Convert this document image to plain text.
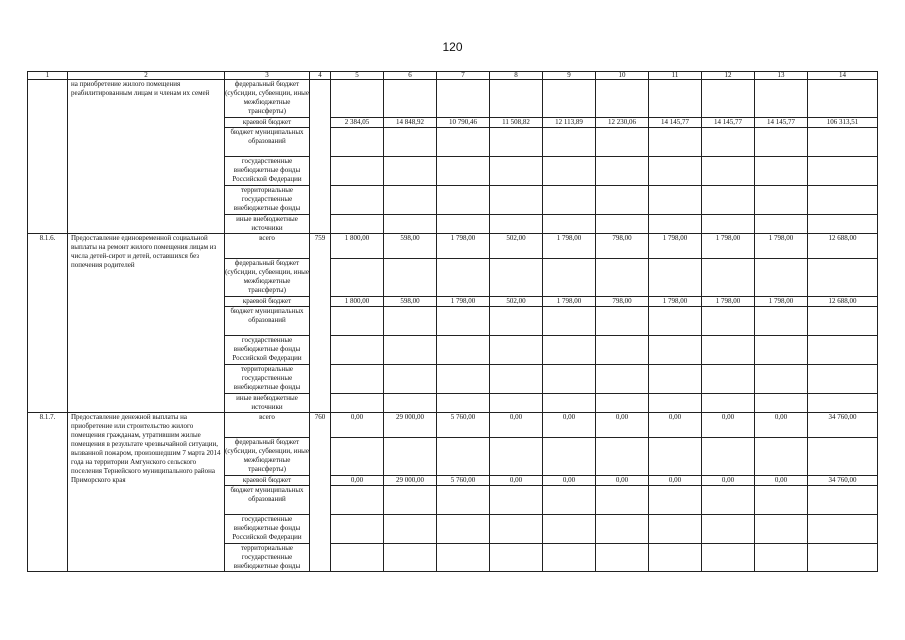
120
1	2	3	4	5	6	7	8	9	10	11	12	13	14
	на приобретение жилого помещения реабилитированным лицам и членам их семей	федеральный бюджет (субсидии, субвенции, иные межбюджетные трансферты)											
		краевой бюджет		2 384,05	14 848,92	10 790,46	11 508,82	12 113,89	12 230,06	14 145,77	14 145,77	14 145,77	106 313,51
		бюджет муниципальных образований											
		государственные внебюджетные фонды Российской Федерации											
		территориальные государственные внебюджетные фонды											
		иные внебюджетные источники											
8.1.6.	Предоставление единовременной социальной выплаты на ремонт жилого помещения лицам из числа детей-сирот и детей, оставшихся без попечения родителей	всего	759	1 800,00	598,00	1 798,00	502,00	1 798,00	798,00	1 798,00	1 798,00	1 798,00	12 688,00
		федеральный бюджет (субсидии, субвенции, иные межбюджетные трансферты)											
		краевой бюджет		1 800,00	598,00	1 798,00	502,00	1 798,00	798,00	1 798,00	1 798,00	1 798,00	12 688,00
		бюджет муниципальных образований											
		государственные внебюджетные фонды Российской Федерации											
		территориальные государственные внебюджетные фонды											
		иные внебюджетные источники											
8.1.7.	Предоставление денежной выплаты на приобретение или строительство жилого помещения гражданам, утратившим жилые помещения в результате чрезвычайной ситуации, вызванной пожаром, произошедшим 7 марта 2014 года на территории Амгунского сельского поселения Тернейского муниципального района Приморского края	всего	760	0,00	29 000,00	5 760,00	0,00	0,00	0,00	0,00	0,00	0,00	34 760,00
		федеральный бюджет (субсидии, субвенции, иные межбюджетные трансферты)											
		краевой бюджет		0,00	29 000,00	5 760,00	0,00	0,00	0,00	0,00	0,00	0,00	34 760,00
		бюджет муниципальных образований											
		государственные внебюджетные фонды Российской Федерации											
		территориальные государственные внебюджетные фонды											
